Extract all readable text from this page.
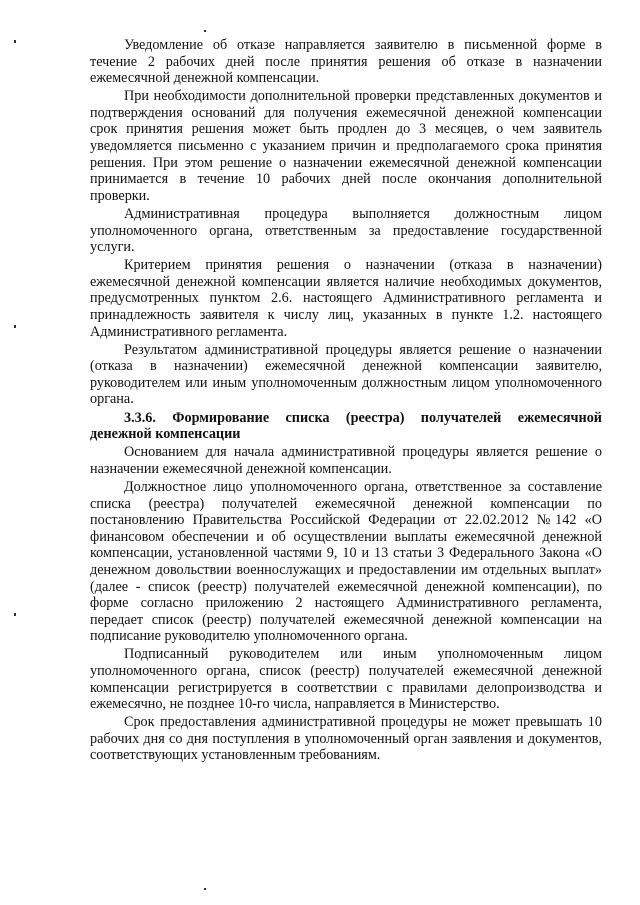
Уведомление об отказе направляется заявителю в письменной форме в течение 2 рабочих дней после принятия решения об отказе в назначении ежемесячной денежной компенсации.

При необходимости дополнительной проверки представленных документов и подтверждения оснований для получения ежемесячной денежной компенсации срок принятия решения может быть продлен до 3 месяцев, о чем заявитель уведомляется письменно с указанием причин и предполагаемого срока принятия решения. При этом решение о назначении ежемесячной денежной компенсации принимается в течение 10 рабочих дней после окончания дополнительной проверки.

Административная процедура выполняется должностным лицом уполномоченного органа, ответственным за предоставление государственной услуги.

Критерием принятия решения о назначении (отказа в назначении) ежемесячной денежной компенсации является наличие необходимых документов, предусмотренных пунктом 2.6. настоящего Административного регламента и принадлежность заявителя к числу лиц, указанных в пункте 1.2. настоящего Административного регламента.

Результатом административной процедуры является решение о назначении (отказа в назначении) ежемесячной денежной компенсации заявителю, руководителем или иным уполномоченным должностным лицом уполномоченного органа.

3.3.6. Формирование списка (реестра) получателей ежемесячной денежной компенсации

Основанием для начала административной процедуры является решение о назначении ежемесячной денежной компенсации.

Должностное лицо уполномоченного органа, ответственное за составление списка (реестра) получателей ежемесячной денежной компенсации по постановлению Правительства Российской Федерации от 22.02.2012 №142 «О финансовом обеспечении и об осуществлении выплаты ежемесячной денежной компенсации, установленной частями 9, 10 и 13 статьи 3 Федерального Закона «О денежном довольствии военнослужащих и предоставлении им отдельных выплат» (далее - список (реестр) получателей ежемесячной денежной компенсации), по форме согласно приложению 2 настоящего Административного регламента, передает список (реестр) получателей ежемесячной денежной компенсации на подписание руководителю уполномоченного органа.

Подписанный руководителем или иным уполномоченным лицом уполномоченного органа, список (реестр) получателей ежемесячной денежной компенсации регистрируется в соответствии с правилами делопроизводства и ежемесячно, не позднее 10-го числа, направляется в Министерство.

Срок предоставления административной процедуры не может превышать 10 рабочих дня со дня поступления в уполномоченный орган заявления и документов, соответствующих установленным требованиям.
